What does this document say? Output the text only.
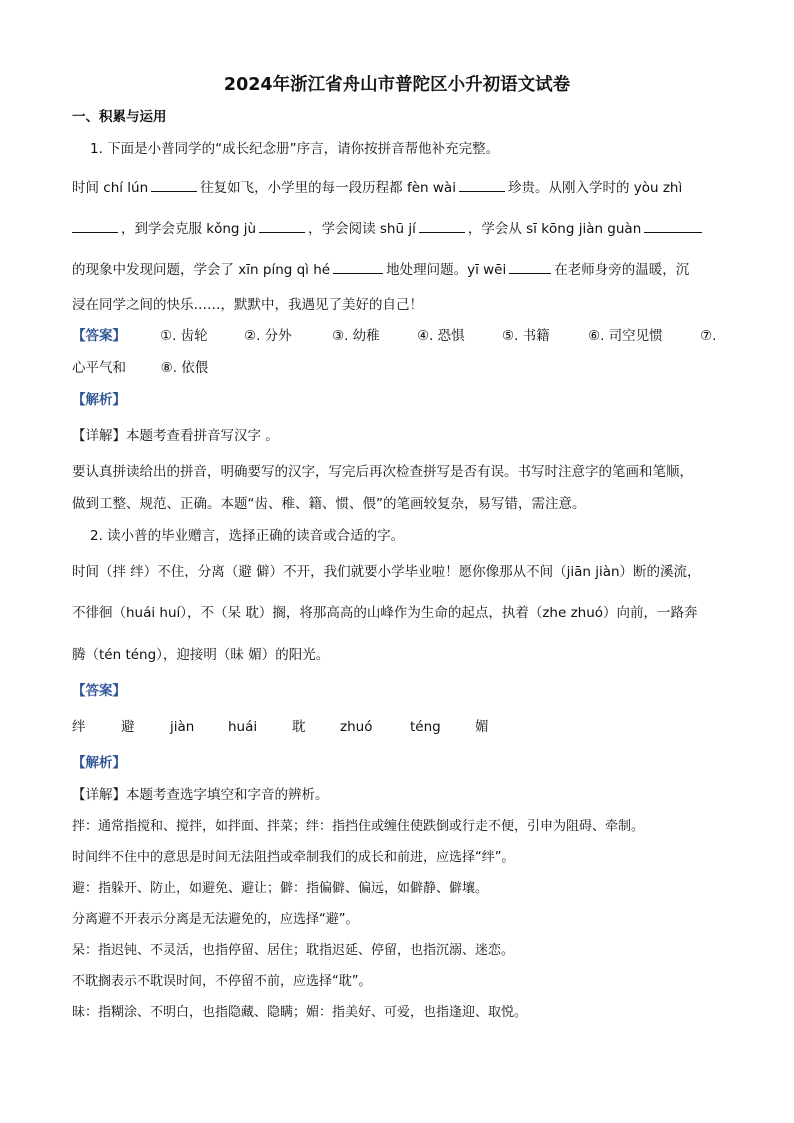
2024年浙江省舟山市普陀区小升初语文试卷
一、积累与运用
1. 下面是小普同学的“成长纪念册”序言，请你按拼音帮他补充完整。
时间 chí lún	往复如飞，小学里的每一段历程都 fèn wài	珍贵。从刚入学时的 yòu zhì
，到学会克服 kǒng jù	，学会阅读 shū jí	，学会从 sī kōng jiàn guàn
的现象中发现问题，学会了 xīn píng qì hé	地处理问题。yī wēi	在老师身旁的温暖，沉
浸在同学之间的快乐……，默默中，我遇见了美好的自己！
【答案】	①. 齿轮	②. 分外	③. 幼稚	④. 恐惧	⑤. 书籍	⑥. 司空见惯	⑦.
心平气和	⑧. 依偎
【解析】
【详解】本题考查看拼音写汉字 。
要认真拼读给出的拼音，明确要写的汉字，写完后再次检查拼写是否有误。书写时注意字的笔画和笔顺，
做到工整、规范、正确。本题“齿、稚、籍、惯、偎”的笔画较复杂，易写错，需注意。
2. 读小普的毕业赠言，选择正确的读音或合适的字。
时间（拌 绊）不住，分离（避 僻）不开，我们就要小学毕业啦！愿你像那从不间（jiān jiàn）断的溪流，
不徘徊（huái huí），不（呆 耽）搁，将那高高的山峰作为生命的起点，执着（zhe zhuó）向前，一路奔
腾（tén téng），迎接明（昧 媚）的阳光。
【答案】
绊	避	jiàn huái	耽	zhuó	téng	媚
【解析】
【详解】本题考查选字填空和字音的辨析。
拌：通常指搅和、搅拌，如拌面、拌菜；绊：指挡住或缠住使跌倒或行走不便，引申为阻碍、牵制。
时间绊不住中的意思是时间无法阻挡或牵制我们的成长和前进，应选择“绊”。
避：指躲开、防止，如避免、避让；僻：指偏僻、偏远，如僻静、僻壤。
分离避不开表示分离是无法避免的，应选择“避”。
呆：指迟钝、不灵活，也指停留、居住；耽指迟延、停留，也指沉溺、迷恋。
不耽搁表示不耽误时间，不停留不前，应选择“耽”。
昧：指糊涂、不明白，也指隐藏、隐瞒；媚：指美好、可爱，也指逢迎、取悦。
